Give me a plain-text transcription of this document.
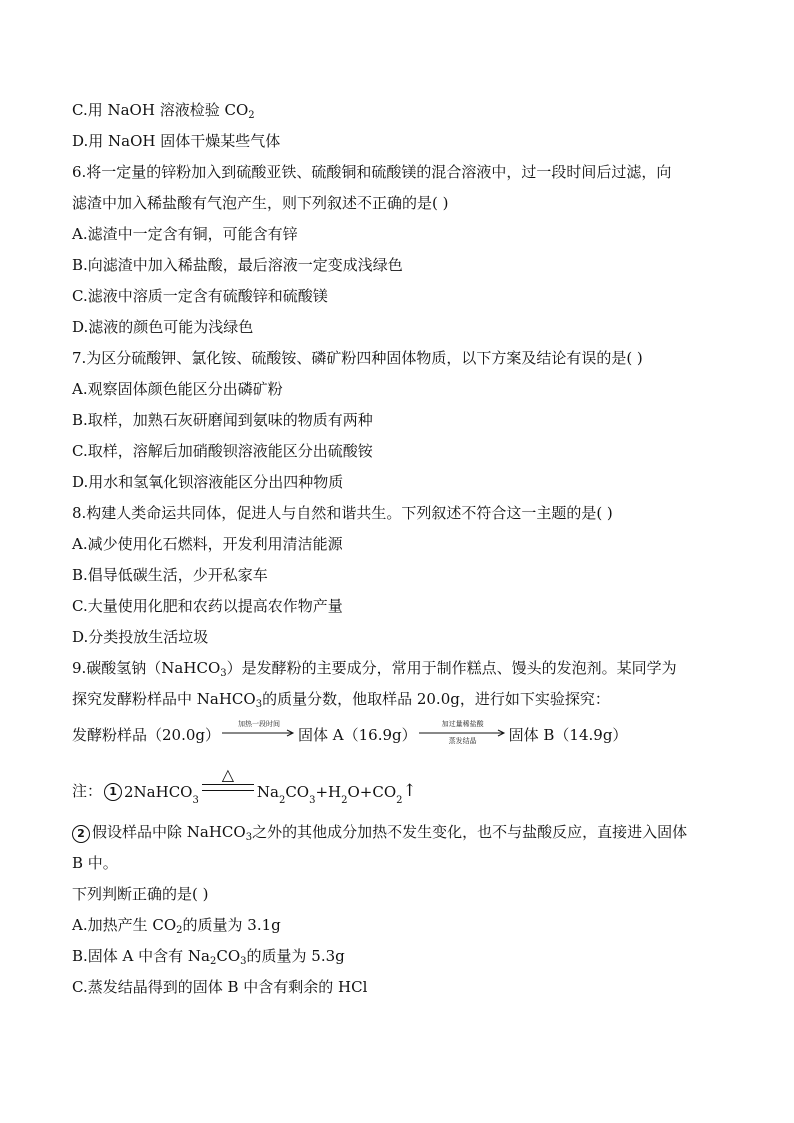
C.用 NaOH 溶液检验 $CO_2$
D.用 NaOH 固体干燥某些气体
6.将一定量的锌粉加入到硫酸亚铁、硫酸铜和硫酸镁的混合溶液中，过一段时间后过滤，向
滤渣中加入稀盐酸有气泡产生，则下列叙述不正确的是( )
A.滤渣中一定含有铜，可能含有锌
B.向滤渣中加入稀盐酸，最后溶液一定变成浅绿色
C.滤液中溶质一定含有硫酸锌和硫酸镁
D.滤液的颜色可能为浅绿色
7.为区分硫酸钾、氯化铵、硫酸铵、磷矿粉四种固体物质，以下方案及结论有误的是( )
A.观察固体颜色能区分出磷矿粉
B.取样，加熟石灰研磨闻到氨味的物质有两种
C.取样，溶解后加硝酸钡溶液能区分出硫酸铵
D.用水和氢氧化钡溶液能区分出四种物质
8.构建人类命运共同体，促进人与自然和谐共生。下列叙述不符合这一主题的是( )
A.减少使用化石燃料，开发利用清洁能源
B.倡导低碳生活，少开私家车
C.大量使用化肥和农药以提高农作物产量
D.分类投放生活垃圾
9.碳酸氢钠（NaHCO$_3$）是发酵粉的主要成分，常用于制作糕点、馒头的发泡剂。某同学为
探究发酵粉样品中 NaHCO$_3$的质量分数，他取样品 20.0g，进行如下实验探究：
发酵粉样品（20.0g）
加热一段时间
固体 A（16.9g）
加过量稀盐酸
蒸发结晶 固体 B（14.9g）
注： 1 2NaHCO 3
△
Na 2 CO 3 +H 2 O+CO 2 ↑
2 假设样品中除 NaHCO$_3$之外的其他成分加热不发生变化，也不与盐酸反应，直接进入固体
B 中。
下列判断正确的是( )
A.加热产生 $CO_2$的质量为 3.1g
B.固体 A 中含有 $Na_2CO_3$的质量为 5.3g
C.蒸发结晶得到的固体 B 中含有剩余的 HCl
